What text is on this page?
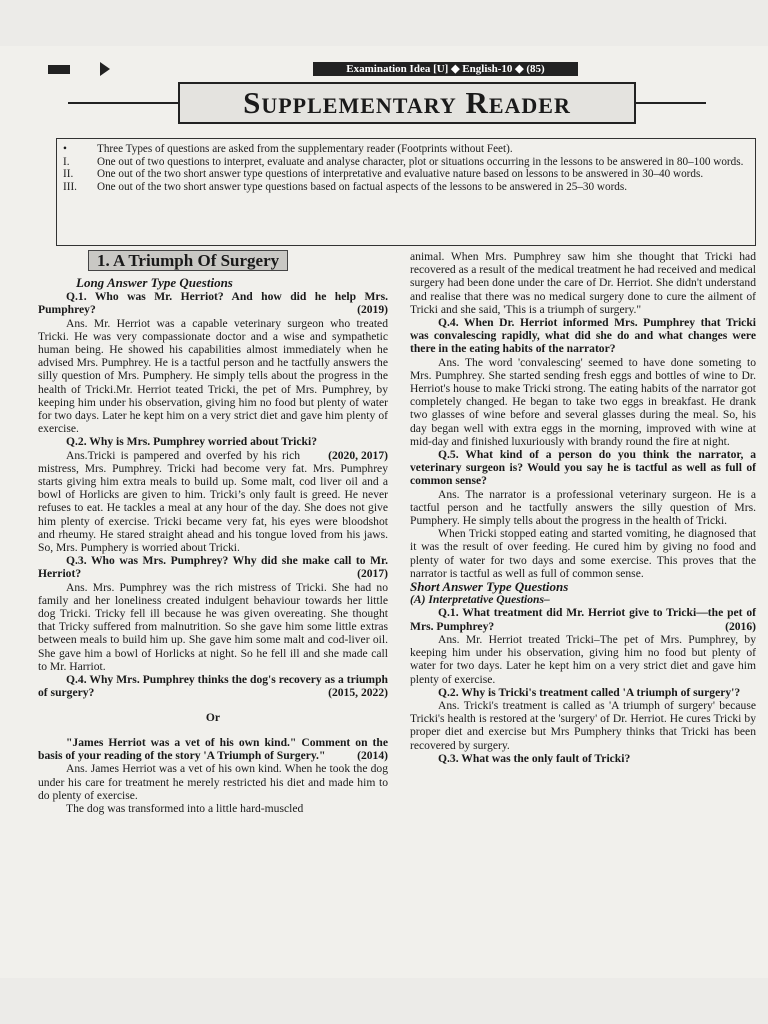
Examination Idea [U] ◆ English-10 ◆ (85)
Supplementary Reader
•	Three Types of questions are asked from the supplementary reader (Footprints without Feet).
I.	One out of two questions to interpret, evaluate and analyse character, plot or situations occurring in the lessons to be answered in 80–100 words.
II.	One out of the two short answer type questions of interpretative and evaluative nature based on lessons to be answered in 30–40 words.
III.	One out of the two short answer type questions based on factual aspects of the lessons to be answered in 25–30 words.
1. A Triumph Of Surgery
Long Answer Type Questions

Q.1. Who was Mr. Herriot? And how did he help Mrs. Pumphrey?	(2019)

Ans. Mr. Herriot was a capable veterinary surgeon who treated Tricki. He was very compassionate doctor and a wise and sympathetic human being. He showed his capabilities almost immediately when he advised Mrs. Pumphrey. He is a tactful person and he tactfully answers the silly question of Mrs. Pumphery. He simply tells about the progress in the health of Tricki.Mr. Herriot teated Tricki, the pet of Mrs. Pumphrey, by keeping him under his observation, giving him no food but plenty of water for two days. Later he kept him on a very strict diet and gave him plenty of exercise.

Q.2. Why is Mrs. Pumphrey worried about Tricki?
(2020, 2017)

Ans.Tricki is pampered and overfed by his rich mistress, Mrs. Pumphrey. Tricki had become very fat. Mrs. Pumphrey starts giving him extra meals to build up. Some malt, cod liver oil and a bowl of Horlicks are given to him. Tricki’s only fault is greed. He never refuses to eat. He tackles a meal at any hour of the day. She does not give him plenty of exercise. Tricki became very fat, his eyes were bloodshot and rheumy. He stared straight ahead and his tongue loved from his jaws. So, Mrs. Pumphery is worried about Tricki.

Q.3. Who was Mrs. Pumphrey? Why did she make call to Mr. Herriot?	(2017)

Ans. Mrs. Pumphrey was the rich mistress of Tricki. She had no family and her loneliness created indulgent behaviour towards her little dog Tricki. Tricky fell ill because he was given overeating. She thought that Tricky suffered from malnutrition. So she gave him some little extras between meals to build him up. She gave him some malt and cod-liver oil. She gave him a bowl of Horlicks at night. So he fell ill and she made call to Mr. Harriot.

Q.4. Why Mrs. Pumphrey thinks the dog's recovery as a triumph of surgery?	(2015, 2022)

Or

"James Herriot was a vet of his own kind." Comment on the basis of your reading of the story 'A Triumph of Surgery."	(2014)

Ans. James Herriot was a vet of his own kind. When he took the dog under his care for treatment he merely restricted his diet and made him to do plenty of exercise.

The dog was transformed into a little hard-muscled

animal. When Mrs. Pumphrey saw him she thought that Tricki had recovered as a result of the medical treatment he had received and medical surgery had been done under the care of Dr. Herriot. She didn't understand and realise that there was no medical surgery done to cure the ailment of Tricki and she said, 'This is a triumph of surgery."

Q.4. When Dr. Herriot informed Mrs. Pumphrey that Tricki was convalescing rapidly, what did she do and what changes were there in the eating habits of the narrator?

Ans. The word 'convalescing' seemed to have done someting to Mrs. Pumphrey. She started sending fresh eggs and bottles of wine to Dr. Herriot's house to make Tricki strong. The eating habits of the narrator got completely changed. He began to take two eggs in breakfast. He drank two glasses of wine before and several glasses during the meal. So, his day began well with extra eggs in the morning, improved with wine at mid-day and finished luxuriously with brandy round the fire at night.

Q.5. What kind of a person do you think the narrator, a veterinary surgeon is? Would you say he is tactful as well as full of common sense?

Ans. The narrator is a professional veterinary surgeon. He is a tactful person and he tactfully answers the silly question of Mrs. Pumphery. He simply tells about the progress in the health of Tricki.

When Tricki stopped eating and started vomiting, he diagnosed that it was the result of over feeding. He cured him by giving no food and plenty of water for two days and some exercise. This proves that the narrator is tactful as well as full of common sense.

Short Answer Type Questions
(A) Interpretative Questions–

Q.1. What treatment did Mr. Herriot give to Tricki—the pet of Mrs. Pumphrey?	(2016)

Ans. Mr. Herriot treated Tricki–The pet of Mrs. Pumphrey, by keeping him under his observation, giving him no food but plenty of water for two days. Later he kept him on a very strict diet and gave him plenty of exercise.

Q.2. Why is Tricki's treatment called 'A triumph of surgery'?

Ans. Tricki's treatment is called as 'A triumph of surgery' because Tricki's health is restored at the 'surgery' of Dr. Herriot. He cures Tricki by proper diet and exercise but Mrs Pumphery thinks that Tricki has been recovered by surgery.

Q.3. What was the only fault of Tricki?
